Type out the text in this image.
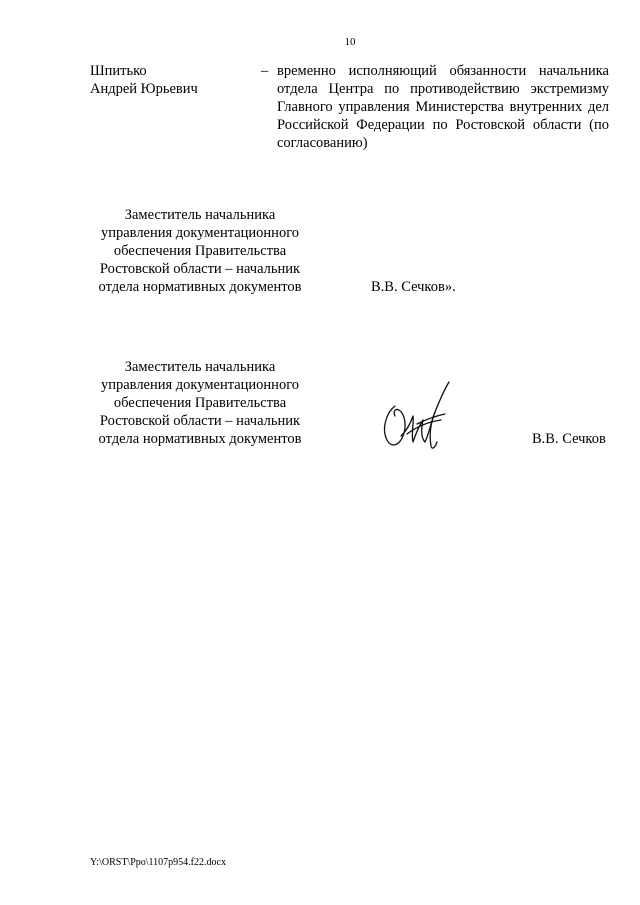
10
Шпитько
Андрей Юрьевич
– временно исполняющий обязанности начальника отдела Центра по противодействию экстремизму Главного управления Министерства внутренних дел Российской Федерации по Ростовской области (по согласованию)
Заместитель начальника
управления документационного
обеспечения Правительства
Ростовской области – начальник
отдела нормативных документов	В.В. Сечков».
Заместитель начальника
управления документационного
обеспечения Правительства
Ростовской области – начальник
отдела нормативных документов	В.В. Сечков
Y:\ORST\Ppo\1107p954.f22.docx
